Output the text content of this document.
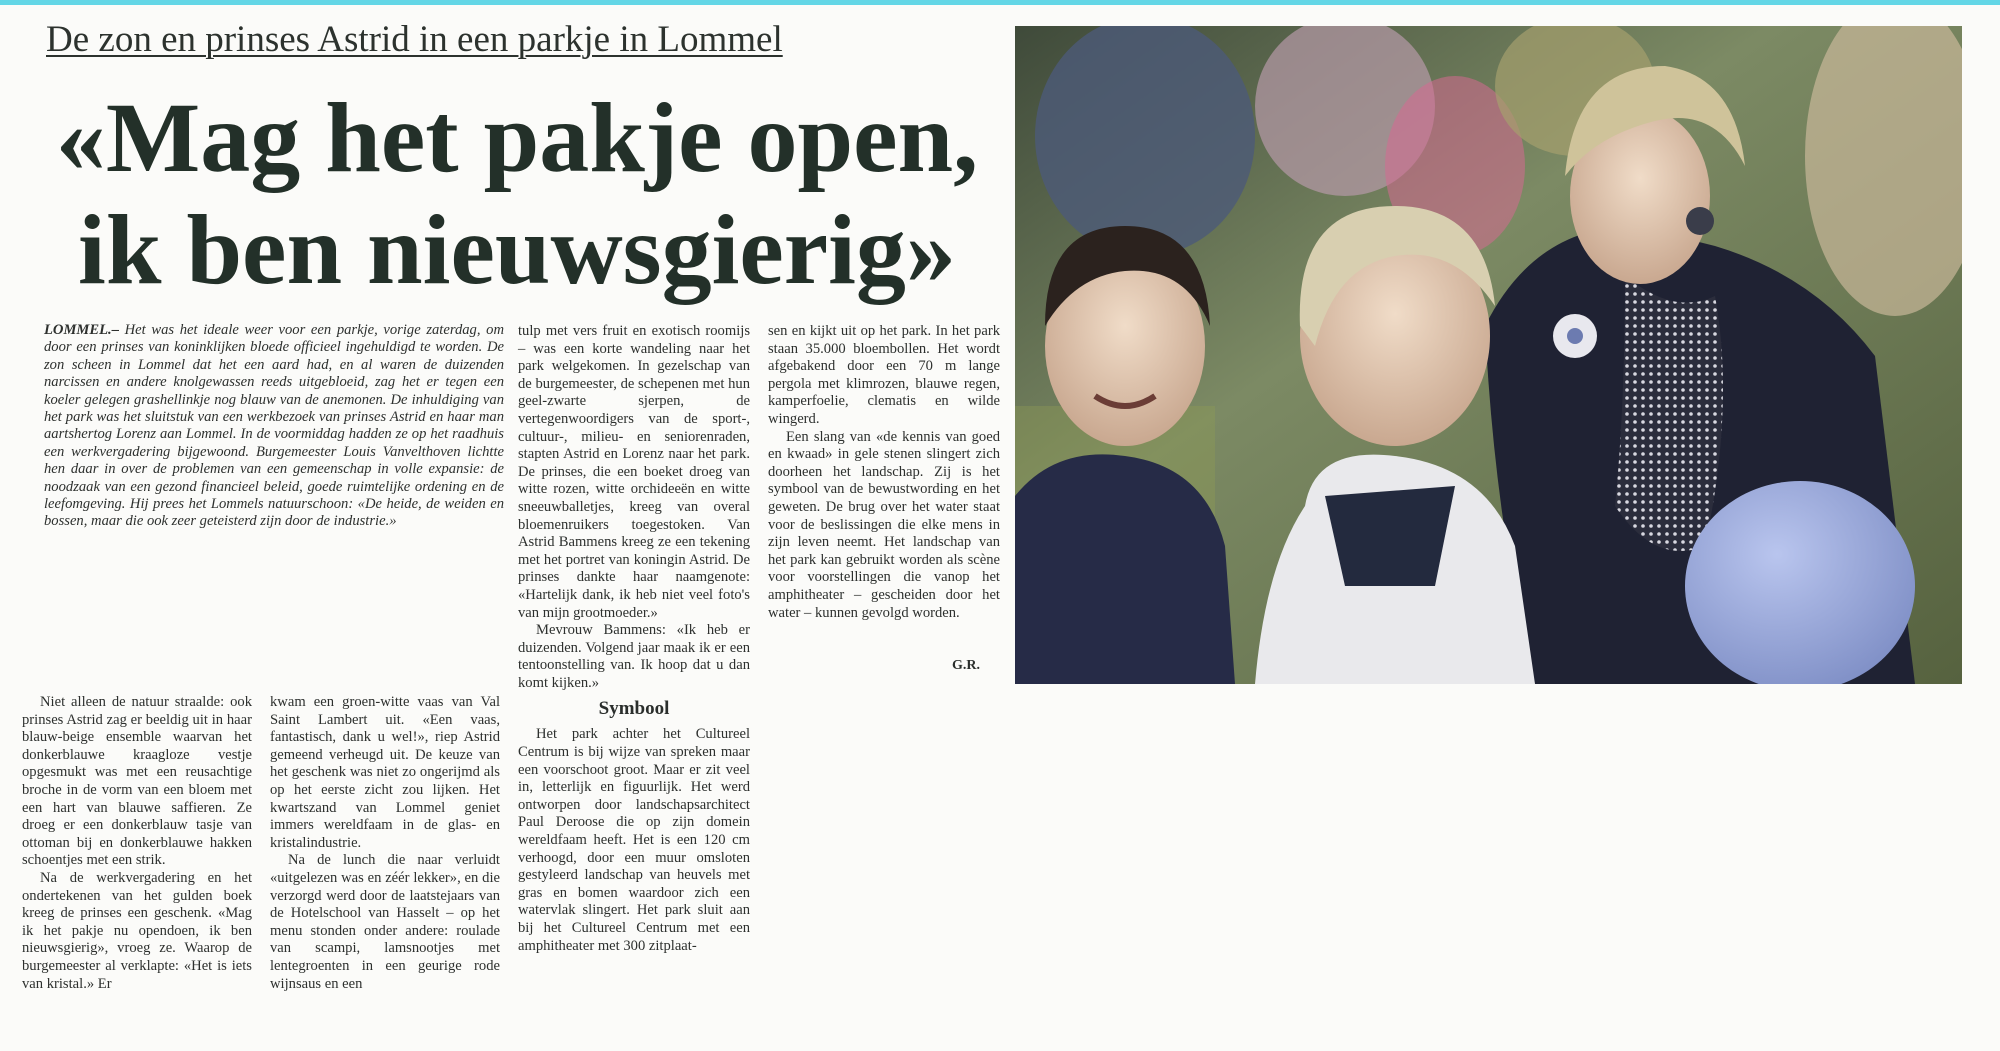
De zon en prinses Astrid in een parkje in Lommel
«Mag het pakje open,
ik ben nieuwsgierig»
LOMMEL.– Het was het ideale weer voor een parkje, vorige zaterdag, om door een prinses van koninklijken bloede officieel ingehuldigd te worden. De zon scheen in Lommel dat het een aard had, en al waren de duizenden narcissen en andere knolgewassen reeds uitgebloeid, zag het er tegen een koeler gelegen grashellinkje nog blauw van de anemonen. De inhuldiging van het park was het sluitstuk van een werkbezoek van prinses Astrid en haar man aartshertog Lorenz aan Lommel. In de voormiddag hadden ze op het raadhuis een werkvergadering bijgewoond. Burgemeester Louis Vanvelthoven lichtte hen daar in over de problemen van een gemeenschap in volle expansie: de noodzaak van een gezond financieel beleid, goede ruimtelijke ordening en de leefomgeving. Hij prees het Lommels natuurschoon: «De heide, de weiden en bossen, maar die ook zeer geteisterd zijn door de industrie.»

tulp met vers fruit en exotisch roomijs – was een korte wandeling naar het park welgekomen. In gezelschap van de burgemeester, de schepenen met hun geel-zwarte sjerpen, de vertegenwoordigers van de sport-, cultuur-, milieu- en seniorenraden, stapten Astrid en Lorenz naar het park. De prinses, die een boeket droeg van witte rozen, witte orchideeën en witte sneeuwballetjes, kreeg van overal bloemenruikers toegestoken. Van Astrid Bammens kreeg ze een tekening met het portret van koningin Astrid. De prinses dankte haar naamgenote: «Hartelijk dank, ik heb niet veel foto's van mijn grootmoeder.»

Mevrouw Bammens: «Ik heb er duizenden. Volgend jaar maak ik er een tentoonstelling van. Ik hoop dat u dan komt kijken.»

Symbool

Het park achter het Cultureel Centrum is bij wijze van spreken maar een voorschoot groot. Maar er zit veel in, letterlijk en figuurlijk. Het werd ontworpen door landschapsarchitect Paul Deroose die op zijn domein wereldfaam heeft. Het is een 120 cm verhoogd, door een muur omsloten gestyleerd landschap van heuvels met gras en bomen waardoor zich een watervlak slingert. Het park sluit aan bij het Cultureel Centrum met een amphitheater met 300 zitplaat-

sen en kijkt uit op het park. In het park staan 35.000 bloembollen. Het wordt afgebakend door een 70 m lange pergola met klimrozen, blauwe regen, kamperfoelie, clematis en wilde wingerd.

Een slang van «de kennis van goed en kwaad» in gele stenen slingert zich doorheen het landschap. Zij is het symbool van de bewustwording en het geweten. De brug over het water staat voor de beslissingen die elke mens in zijn leven neemt. Het landschap van het park kan gebruikt worden als scène voor voorstellingen die vanop het amphitheater – gescheiden door het water – kunnen gevolgd worden.

G.R.

Niet alleen de natuur straalde: ook prinses Astrid zag er beeldig uit in haar blauw-beige ensemble waarvan het donkerblauwe kraagloze vestje opgesmukt was met een reusachtige broche in de vorm van een bloem met een hart van blauwe saffieren. Ze droeg er een donkerblauw tasje van ottoman bij en donkerblauwe hakken schoentjes met een strik.

Na de werkvergadering en het ondertekenen van het gulden boek kreeg de prinses een geschenk. «Mag ik het pakje nu opendoen, ik ben nieuwsgierig», vroeg ze. Waarop de burgemeester al verklapte: «Het is iets van kristal.» Er

kwam een groen-witte vaas van Val Saint Lambert uit. «Een vaas, fantastisch, dank u wel!», riep Astrid gemeend verheugd uit. De keuze van het geschenk was niet zo ongerijmd als op het eerste zicht zou lijken. Het kwartszand van Lommel geniet immers wereldfaam in de glas- en kristalindustrie.

Na de lunch die naar verluidt «uitgelezen was en zéér lekker», en die verzorgd werd door de laatstejaars van de Hotelschool van Hasselt – op het menu stonden onder andere: roulade van scampi, lamsnootjes met lentegroenten in een geurige rode wijnsaus en een
